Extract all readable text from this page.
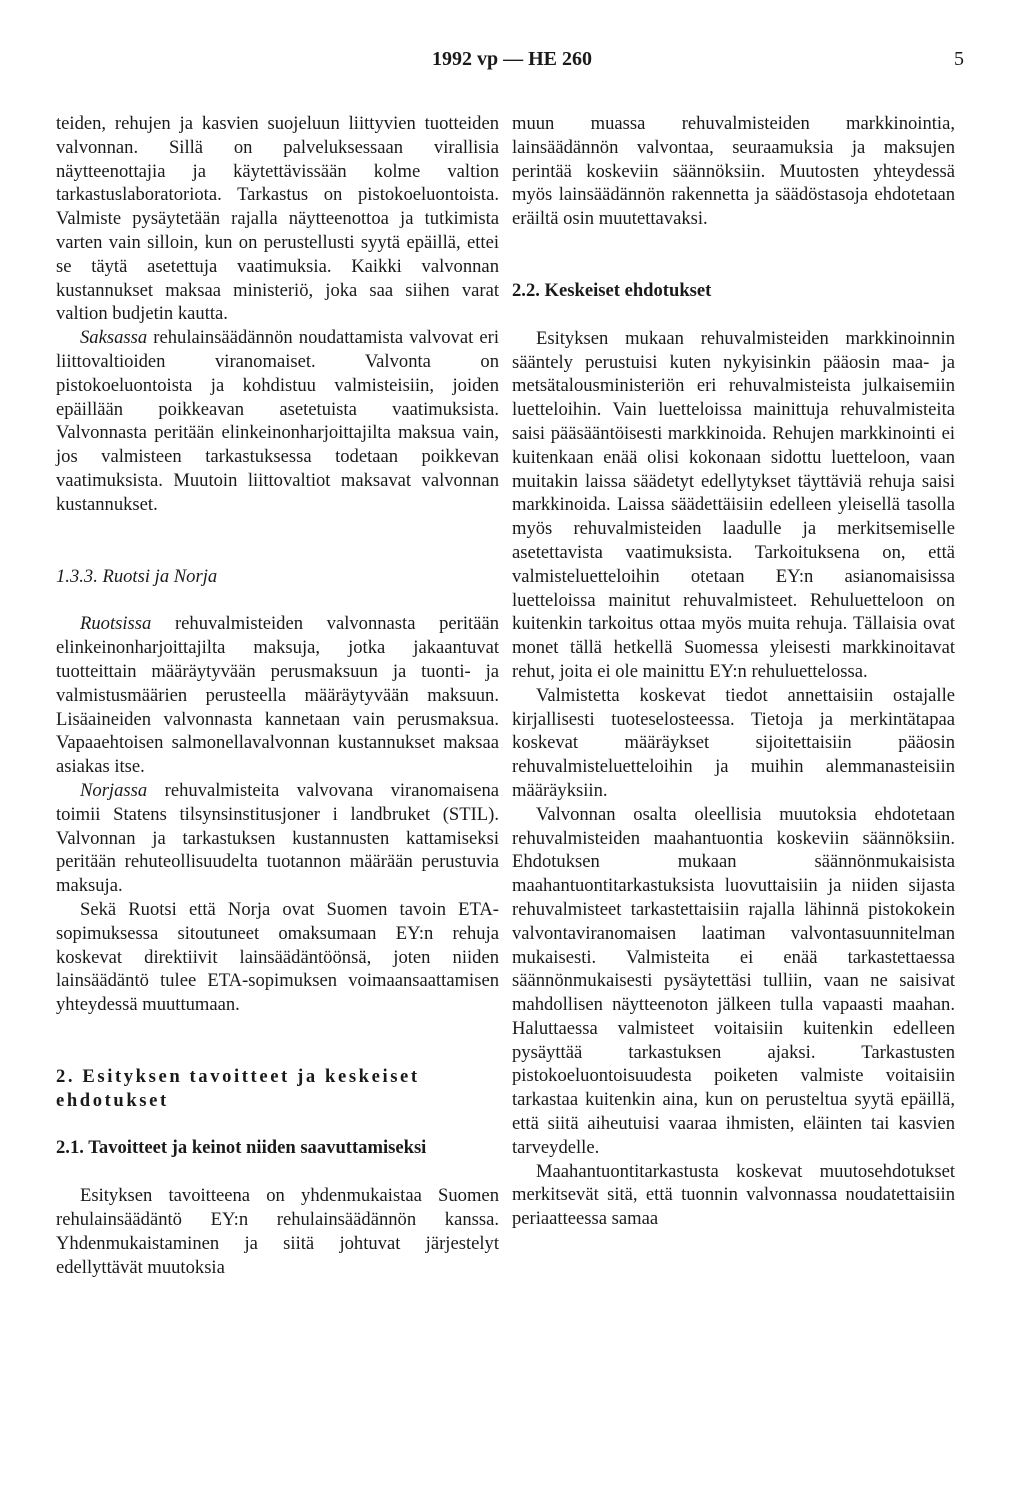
1992 vp — HE 260	5

teiden, rehujen ja kasvien suojeluun liittyvien tuotteiden valvonnan. Sillä on palveluksessaan virallisia näytteenottajia ja käytettävissään kolme valtion tarkastuslaboratoriota. Tarkastus on pistokoeluontoista. Valmiste pysäytetään rajalla näytteenottoa ja tutkimista varten vain silloin, kun on perustellusti syytä epäillä, ettei se täytä asetettuja vaatimuksia. Kaikki valvonnan kustannukset maksaa ministeriö, joka saa siihen varat valtion budjetin kautta.

Saksassa rehulainsäädännön noudattamista valvovat eri liittovaltioiden viranomaiset. Valvonta on pistokoeluontoista ja kohdistuu valmisteisiin, joiden epäillään poikkeavan asetetuista vaatimuksista. Valvonnasta peritään elinkeinonharjoittajilta maksua vain, jos valmisteen tarkastuksessa todetaan poikkevan vaatimuksista. Muutoin liittovaltiot maksavat valvonnan kustannukset.

1.3.3. Ruotsi ja Norja

Ruotsissa rehuvalmisteiden valvonnasta peritään elinkeinonharjoittajilta maksuja, jotka jakaantuvat tuotteittain määräytyvään perusmaksuun ja tuonti- ja valmistusmäärien perusteella määräytyvään maksuun. Lisäaineiden valvonnasta kannetaan vain perusmaksua. Vapaaehtoisen salmonellavalvonnan kustannukset maksaa asiakas itse.

Norjassa rehuvalmisteita valvovana viranomaisena toimii Statens tilsynsinstitusjoner i landbruket (STIL). Valvonnan ja tarkastuksen kustannusten kattamiseksi peritään rehuteollisuudelta tuotannon määrään perustuvia maksuja.

Sekä Ruotsi että Norja ovat Suomen tavoin ETA-sopimuksessa sitoutuneet omaksumaan EY:n rehuja koskevat direktiivit lainsäädäntöönsä, joten niiden lainsäädäntö tulee ETA-sopimuksen voimaansaattamisen yhteydessä muuttumaan.

2. Esityksen tavoitteet ja keskeiset ehdotukset

2.1. Tavoitteet ja keinot niiden saavuttamiseksi

Esityksen tavoitteena on yhdenmukaistaa Suomen rehulainsäädäntö EY:n rehulainsäädännön kanssa. Yhdenmukaistaminen ja siitä johtuvat järjestelyt edellyttävät muutoksia

muun muassa rehuvalmisteiden markkinointia, lainsäädännön valvontaa, seuraamuksia ja maksujen perintää koskeviin säännöksiin. Muutosten yhteydessä myös lainsäädännön rakennetta ja säädöstasoja ehdotetaan eräiltä osin muutettavaksi.

2.2. Keskeiset ehdotukset

Esityksen mukaan rehuvalmisteiden markkinoinnin sääntely perustuisi kuten nykyisinkin pääosin maa- ja metsätalousministeriön eri rehuvalmisteista julkaisemiin luetteloihin. Vain luetteloissa mainittuja rehuvalmisteita saisi pääsääntöisesti markkinoida. Rehujen markkinointi ei kuitenkaan enää olisi kokonaan sidottu luetteloon, vaan muitakin laissa säädetyt edellytykset täyttäviä rehuja saisi markkinoida. Laissa säädettäisiin edelleen yleisellä tasolla myös rehuvalmisteiden laadulle ja merkitsemiselle asetettavista vaatimuksista. Tarkoituksena on, että valmisteluetteloihin otetaan EY:n asianomaisissa luetteloissa mainitut rehuvalmisteet. Rehuluetteloon on kuitenkin tarkoitus ottaa myös muita rehuja. Tällaisia ovat monet tällä hetkellä Suomessa yleisesti markkinoitavat rehut, joita ei ole mainittu EY:n rehuluettelossa.

Valmistetta koskevat tiedot annettaisiin ostajalle kirjallisesti tuoteselosteessa. Tietoja ja merkintätapaa koskevat määräykset sijoitettaisiin pääosin rehuvalmisteluetteloihin ja muihin alemmanasteisiin määräyksiin.

Valvonnan osalta oleellisia muutoksia ehdotetaan rehuvalmisteiden maahantuontia koskeviin säännöksiin. Ehdotuksen mukaan säännönmukaisista maahantuontitarkastuksista luovuttaisiin ja niiden sijasta rehuvalmisteet tarkastettaisiin rajalla lähinnä pistokokein valvontaviranomaisen laatiman valvontasuunnitelman mukaisesti. Valmisteita ei enää tarkastettaessa säännönmukaisesti pysäytettäsi tulliin, vaan ne saisivat mahdollisen näytteenoton jälkeen tulla vapaasti maahan. Haluttaessa valmisteet voitaisiin kuitenkin edelleen pysäyttää tarkastuksen ajaksi. Tarkastusten pistokoeluontoisuudesta poiketen valmiste voitaisiin tarkastaa kuitenkin aina, kun on perusteltua syytä epäillä, että siitä aiheutuisi vaaraa ihmisten, eläinten tai kasvien tarveydelle.

Maahantuontitarkastusta koskevat muutosehdotukset merkitsevät sitä, että tuonnin valvonnassa noudatettaisiin periaatteessa samaa
